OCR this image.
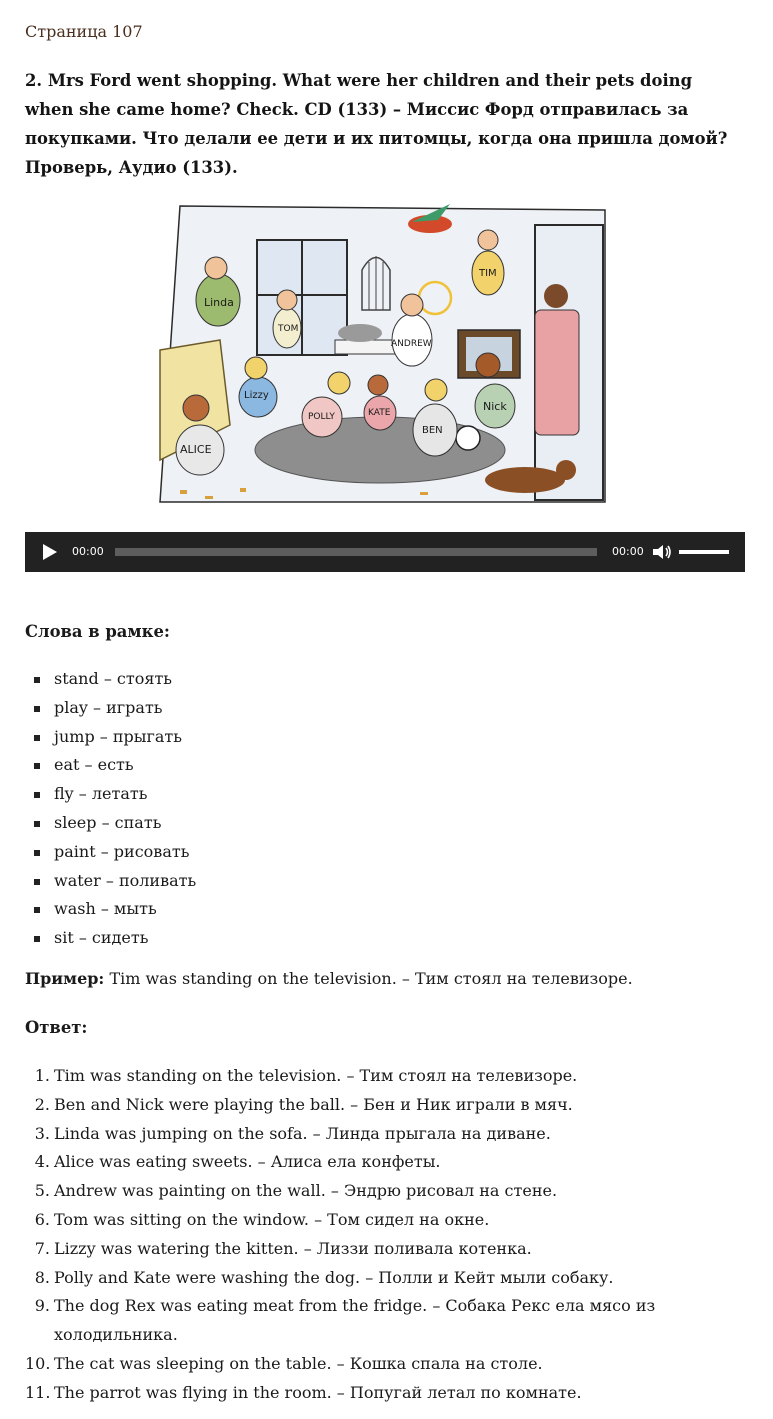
Страница 107
2. Mrs Ford went shopping. What were her children and their pets doing when she came home? Check. CD (133) – Миссис Форд отправилась за покупками. Что делали ее дети и их питомцы, когда она пришла домой? Проверь, Аудио (133).
Linda
TOM
TIM
ANDREW
Lizzy
POLLY	KATE	Nick
BEN
ALICE
00:00	00:00
Слова в рамке:
stand – стоять
play – играть
jump – прыгать
eat – есть
fly – летать
sleep – спать
paint – рисовать
water – поливать
wash – мыть
sit – сидеть
Пример: Tim was standing on the television. – Тим стоял на телевизоре.
Ответ:
1. Tim was standing on the television. – Тим стоял на телевизоре.
2. Ben and Nick were playing the ball. – Бен и Ник играли в мяч.
3. Linda was jumping on the sofa. – Линда прыгала на диване.
4. Alice was eating sweets. – Алиса ела конфеты.
5. Andrew was painting on the wall. – Эндрю рисовал на стене.
6. Tom was sitting on the window. – Том сидел на окне.
7. Lizzy was watering the kitten. – Лиззи поливала котенка.
8. Polly and Kate were washing the dog. – Полли и Кейт мыли собаку.
9. The dog Rex was eating meat from the fridge. – Собака Рекс ела мясо из холодильника.
10. The cat was sleeping on the table. – Кошка спала на столе.
11. The parrot was flying in the room. – Попугай летал по комнате.
